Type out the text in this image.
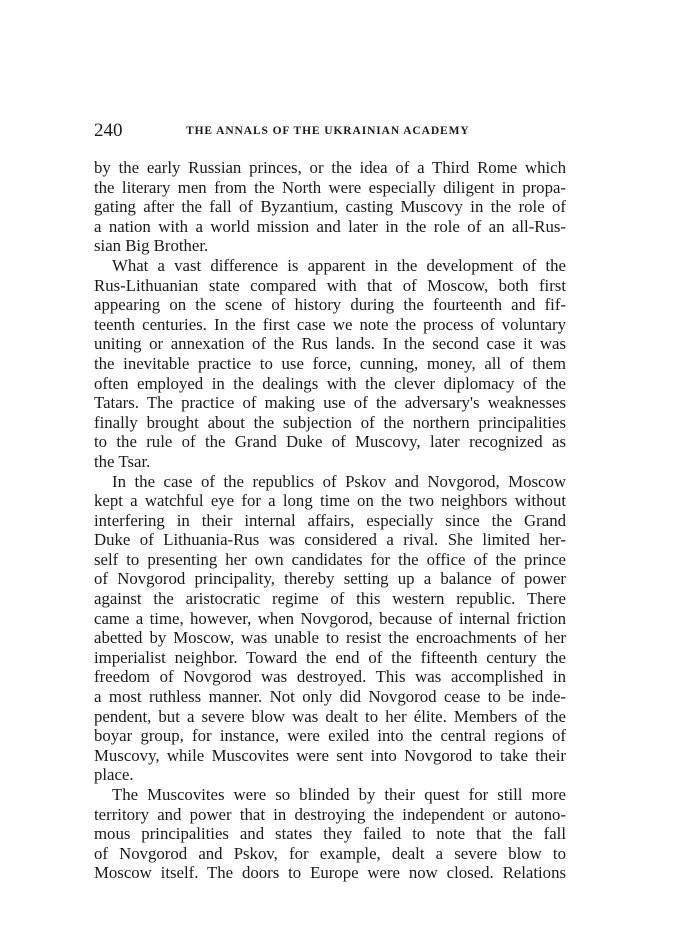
240	THE ANNALS OF THE UKRAINIAN ACADEMY
by the early Russian princes, or the idea of a Third Rome which
the literary men from the North were especially diligent in propa-
gating after the fall of Byzantium, casting Muscovy in the role of
a nation with a world mission and later in the role of an all-Rus-
sian Big Brother.
What a vast difference is apparent in the development of the
Rus-Lithuanian state compared with that of Moscow, both first
appearing on the scene of history during the fourteenth and fif-
teenth centuries. In the first case we note the process of voluntary
uniting or annexation of the Rus lands. In the second case it was
the inevitable practice to use force, cunning, money, all of them
often employed in the dealings with the clever diplomacy of the
Tatars. The practice of making use of the adversary's weaknesses
finally brought about the subjection of the northern principalities
to the rule of the Grand Duke of Muscovy, later recognized as
the Tsar.
In the case of the republics of Pskov and Novgorod, Moscow
kept a watchful eye for a long time on the two neighbors without
interfering in their internal affairs, especially since the Grand
Duke of Lithuania-Rus was considered a rival. She limited her-
self to presenting her own candidates for the office of the prince
of Novgorod principality, thereby setting up a balance of power
against the aristocratic regime of this western republic. There
came a time, however, when Novgorod, because of internal friction
abetted by Moscow, was unable to resist the encroachments of her
imperialist neighbor. Toward the end of the fifteenth century the
freedom of Novgorod was destroyed. This was accomplished in
a most ruthless manner. Not only did Novgorod cease to be inde-
pendent, but a severe blow was dealt to her élite. Members of the
boyar group, for instance, were exiled into the central regions of
Muscovy, while Muscovites were sent into Novgorod to take their
place.
The Muscovites were so blinded by their quest for still more
territory and power that in destroying the independent or autono-
mous principalities and states they failed to note that the fall
of Novgorod and Pskov, for example, dealt a severe blow to
Moscow itself. The doors to Europe were now closed. Relations
